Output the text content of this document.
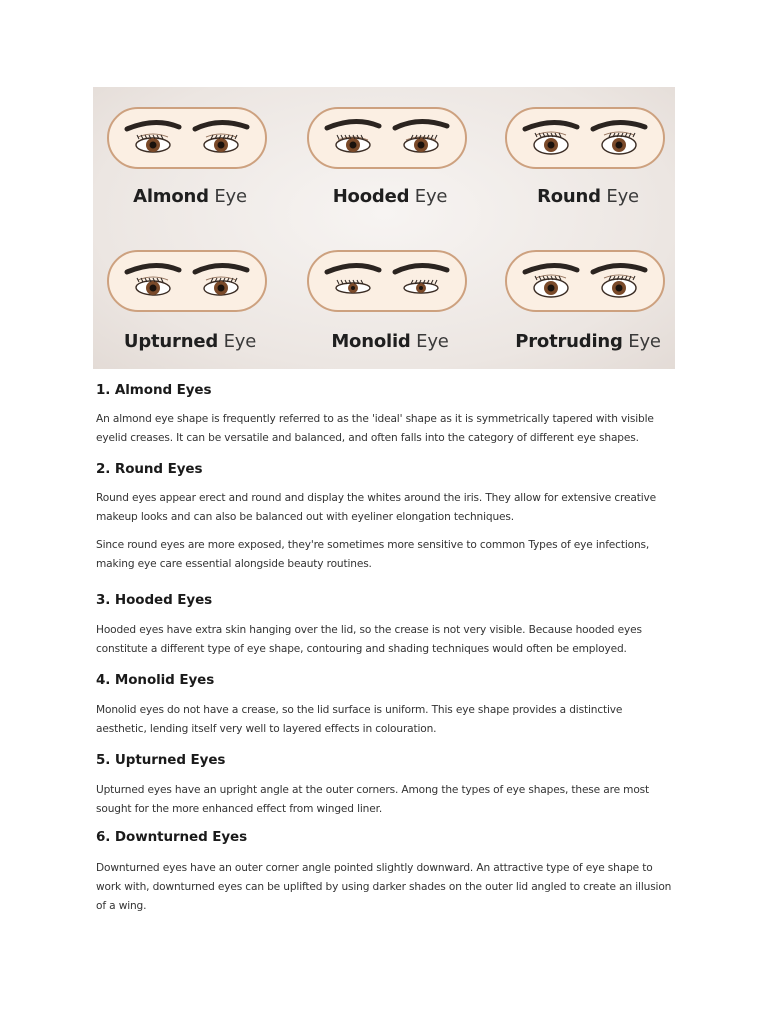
Almond Eye	Hooded Eye	Round Eye
Upturned Eye	Monolid Eye	Protruding Eye
1. Almond Eyes

An almond eye shape is frequently referred to as the 'ideal' shape as it is symmetrically tapered with visible eyelid creases. It can be versatile and balanced, and often falls into the category of different eye shapes.

2. Round Eyes

Round eyes appear erect and round and display the whites around the iris. They allow for extensive creative makeup looks and can also be balanced out with eyeliner elongation techniques.

Since round eyes are more exposed, they're sometimes more sensitive to common Types of eye infections, making eye care essential alongside beauty routines.

3. Hooded Eyes

Hooded eyes have extra skin hanging over the lid, so the crease is not very visible. Because hooded eyes constitute a different type of eye shape, contouring and shading techniques would often be employed.

4. Monolid Eyes

Monolid eyes do not have a crease, so the lid surface is uniform. This eye shape provides a distinctive aesthetic, lending itself very well to layered effects in colouration.

5. Upturned Eyes

Upturned eyes have an upright angle at the outer corners. Among the types of eye shapes, these are most sought for the more enhanced effect from winged liner.

6. Downturned Eyes

Downturned eyes have an outer corner angle pointed slightly downward. An attractive type of eye shape to work with, downturned eyes can be uplifted by using darker shades on the outer lid angled to create an illusion of a wing.
